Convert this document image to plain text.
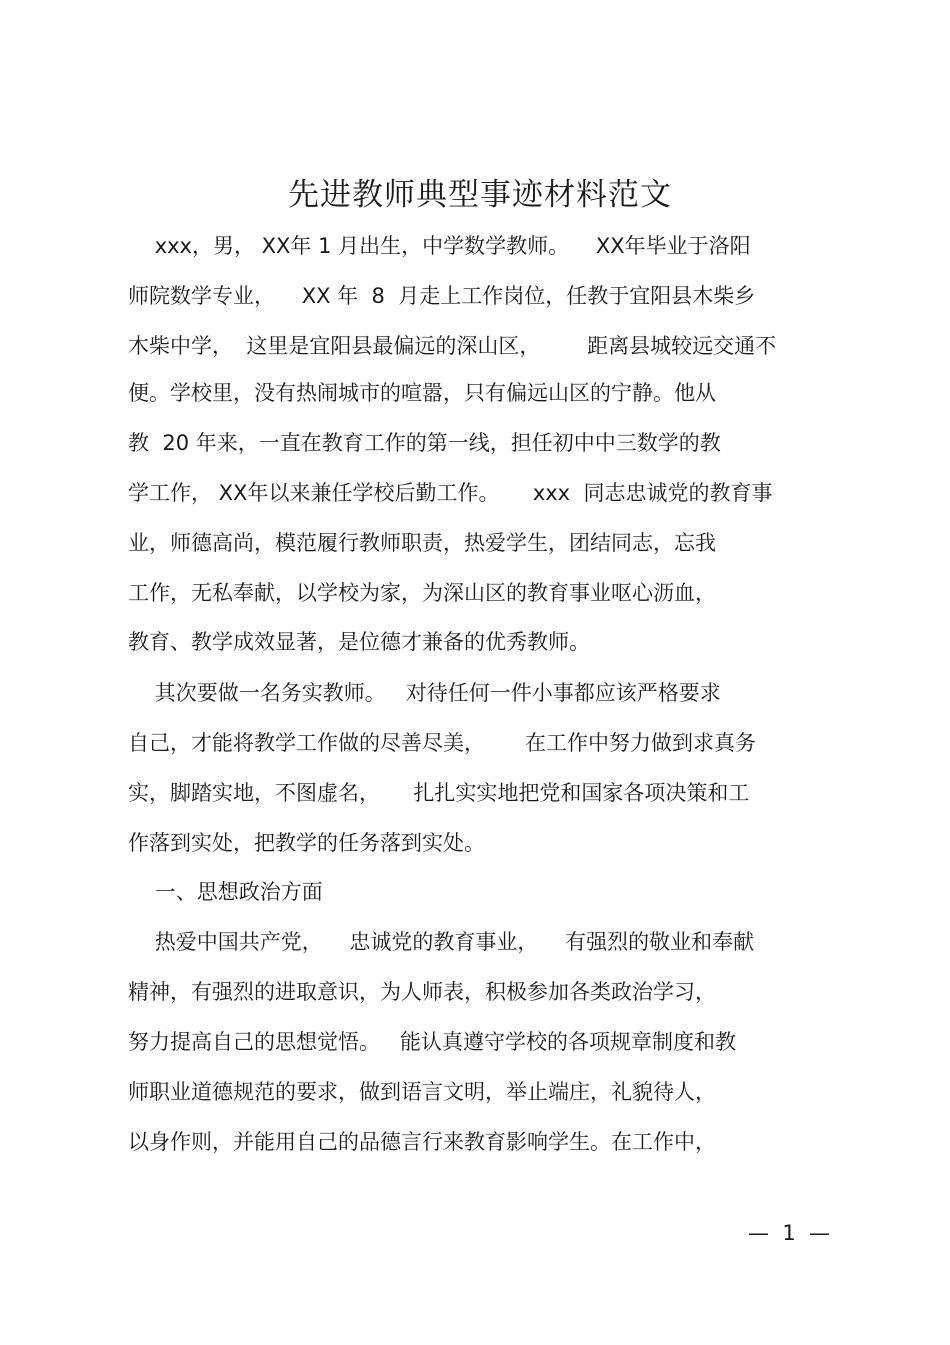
先进教师典型事迹材料范文
xxx，男， XX年 1 月出生，中学数学教师。    XX年毕业于洛阳
师院数学专业，    XX 年  8  月走上工作岗位，任教于宜阳县木柴乡
木柴中学，  这里是宜阳县最偏远的深山区，       距离县城较远交通不
便。学校里，没有热闹城市的喧嚣，只有偏远山区的宁静。他从
教  20 年来，一直在教育工作的第一线，担任初中中三数学的教
学工作， XX年以来兼任学校后勤工作。     xxx  同志忠诚党的教育事
业，师德高尚，模范履行教师职责，热爱学生，团结同志，忘我
工作，无私奉献，以学校为家，为深山区的教育事业呕心沥血，
教育、教学成效显著，是位德才兼备的优秀教师。
其次要做一名务实教师。   对待任何一件小事都应该严格要求
自己，才能将教学工作做的尽善尽美，      在工作中努力做到求真务
实，脚踏实地，不图虚名，     扎扎实实地把党和国家各项决策和工
作落到实处，把教学的任务落到实处。
一、思想政治方面
热爱中国共产党，    忠诚党的教育事业，    有强烈的敬业和奉献
精神，有强烈的进取意识，为人师表，积极参加各类政治学习，
努力提高自己的思想觉悟。   能认真遵守学校的各项规章制度和教
师职业道德规范的要求，做到语言文明，举止端庄，礼貌待人，
以身作则，并能用自己的品德言行来教育影响学生。在工作中，
—  1  —
